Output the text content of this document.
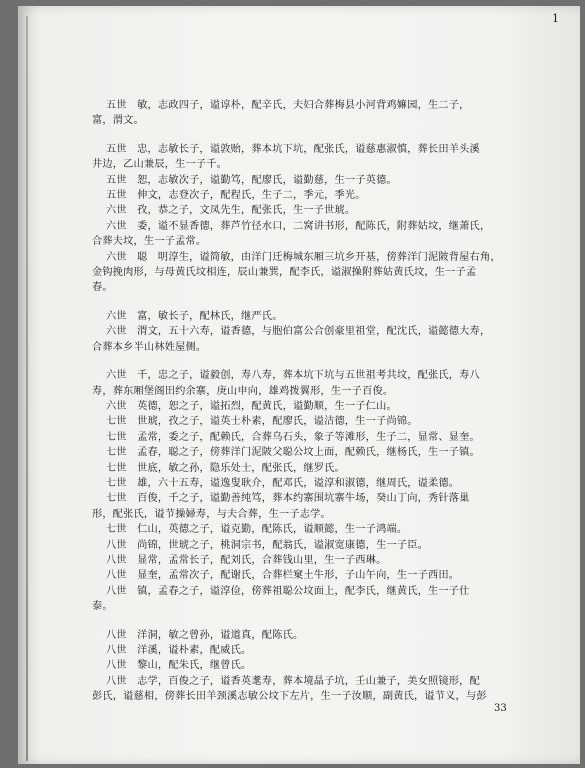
1
五世　敏，志政四子，谥谆朴，配辛氏，夫妇合葬梅县小河背鸡嫲园，生二子，
富，渭文。
五世　忠，志敏长子，谥敦贻，葬本坑下坑，配张氏，谥慈惠淑慎，葬长田羊头溪
井边，乙山兼辰，生一子千。
五世　恕，志敏次子，谥勤笃，配廖氏，谥勤慈，生一子英德。
五世　伸文，志登次子，配程氏，生子二，季元，季光。
六世　孜，恭之子，文凤先生，配张氏，生一子世琥。
六世　委，谥不显香德，葬芦竹径水口，二窝讲书形，配陈氏，附葬姑坟，继萧氏，
合葬夫坟，生一子孟常。
六世　聪　明淳生，谥简敏，由洋门迁梅城东厢三坑乡开基，傍葬洋门泥陂背屋右角，
金钩挽肉形，与母黄氏坟相连，辰山兼巽，配李氏，谥淑操附葬姑黄氏坟，生一子孟
春。
六世　富，敏长子，配林氏，继严氏。
六世　渭文，五十六寿，谥香德，与胞伯富公合创豪里祖堂，配沈氏，谥懿德大寿，
合葬本乡半山林姓屋侧。
六世　千，忠之子，谥毅创，寿八寿，葬本坑下坑与五世祖考共坟，配张氏，寿八
寿，葬东厢堡阁田约余寨，庚山申向，雄鸡拨翼形，生一子百俊。
六世　英德，恕之子，谥拓烈，配黄氏，谥勤顺，生一子仁山。
七世　世琥，孜之子，谥英士朴素，配廖氏，谥洁德，生一子尚锦。
七世　孟常，委之子，配赖氏，合葬乌石头，象子等滩形，生子二，显常、显奎。
七世　孟春，聪之子，傍葬洋门泥陂父聪公坟上面，配赖氏，继杨氏，生一子镇。
七世　世底，敏之孙，隐乐处士，配张氏，继罗氏。
七世　雄，六十五寿，谥逸叟耿介，配邓氏，谥淳和淑德，继周氏，谥柔德。
七世　百俊，千之子，谥勤善纯笃，葬本约寨围坑寨牛场，癸山丁向，秀针落巢
形，配张氏，谥节操婦寿，与夫合葬，生一子志学。
七世　仁山，英德之子，谥克勤，配陈氏，谥顺懿，生一子鸿端。
八世　尚锦，世琥之子，桃洞宗书，配翁氏，谥淑宽康德，生一子臣。
八世　显常，孟常长子，配刘氏，合葬钱山里，生一子西琳。
八世　显奎，孟常次子，配谢氏，合葬栏窠土牛形，子山午向，生一子西田。
八世　镇，孟春之子，谥淳俭，傍葬祖聪公坟面上，配李氏，继黄氏，生一子仕
泰。
八世　洋洞，敏之曾孙，谥道真，配陈氏。
八世　洋溪，谥朴素，配威氏。
八世　黎山，配朱氏，继曾氏。
八世　志学，百俊之子，谥香英耄寿，葬本境晶子坑，壬山兼子，美女照镜形，配
彭氏，谥慈相，傍葬长田羊颈溪志敏公坟下左片，生一子汝顺，副黄氏，谥节义，与彭
33
